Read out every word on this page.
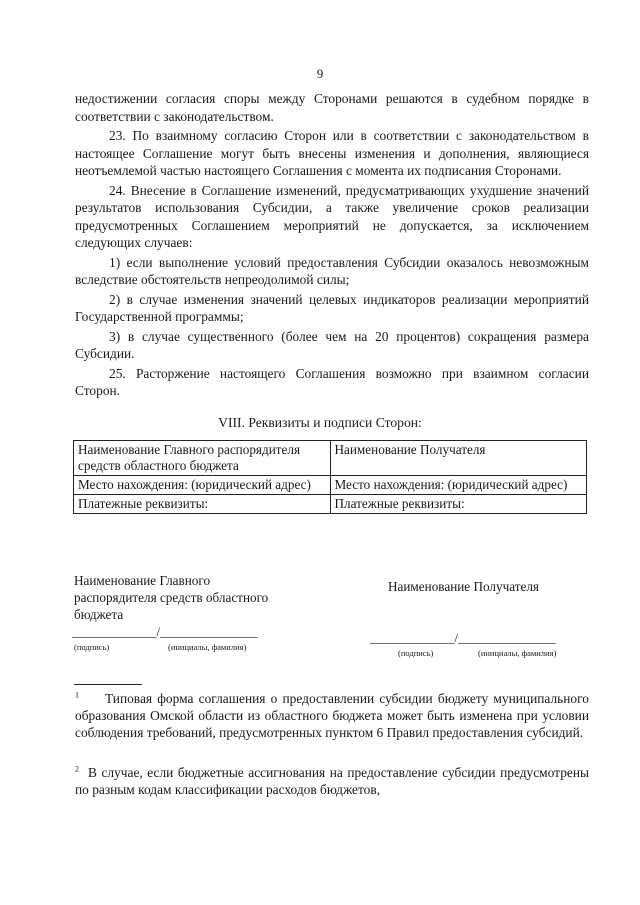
9

недостижении согласия споры между Сторонами решаются в судебном порядке в соответствии с законодательством.

23. По взаимному согласию Сторон или в соответствии с законодательством в настоящее Соглашение могут быть внесены изменения и дополнения, являющиеся неотъемлемой частью настоящего Соглашения с момента их подписания Сторонами.

24. Внесение в Соглашение изменений, предусматривающих ухудшение значений результатов использования Субсидии, а также увеличение сроков реализации предусмотренных Соглашением мероприятий не допускается, за исключением следующих случаев:

1) если выполнение условий предоставления Субсидии оказалось невозможным вследствие обстоятельств непреодолимой силы;

2) в случае изменения значений целевых индикаторов реализации мероприятий Государственной программы;

3) в случае существенного (более чем на 20 процентов) сокращения размера Субсидии.

25. Расторжение настоящего Соглашения возможно при взаимном согласии Сторон.

VIII. Реквизиты и подписи Сторон:
Наименование Главного распорядителя средств областного бюджета	Наименование Получателя
Место нахождения: (юридический адрес)	Место нахождения: (юридический адрес)
Платежные реквизиты:	Платежные реквизиты:
Наименование Главного распорядителя средств областного бюджета
Наименование Получателя
_____________/_______________
(подпись)	(инициалы, фамилия)
_____________/_______________
(подпись)	(инициалы, фамилия)
$^1$ Типовая форма соглашения о предоставлении субсидии бюджету муниципального образования Омской области из областного бюджета может быть изменена при условии соблюдения требований, предусмотренных пунктом 6 Правил предоставления субсидий.
$^2$ В случае, если бюджетные ассигнования на предоставление субсидии предусмотрены по разным кодам классификации расходов бюджетов,
